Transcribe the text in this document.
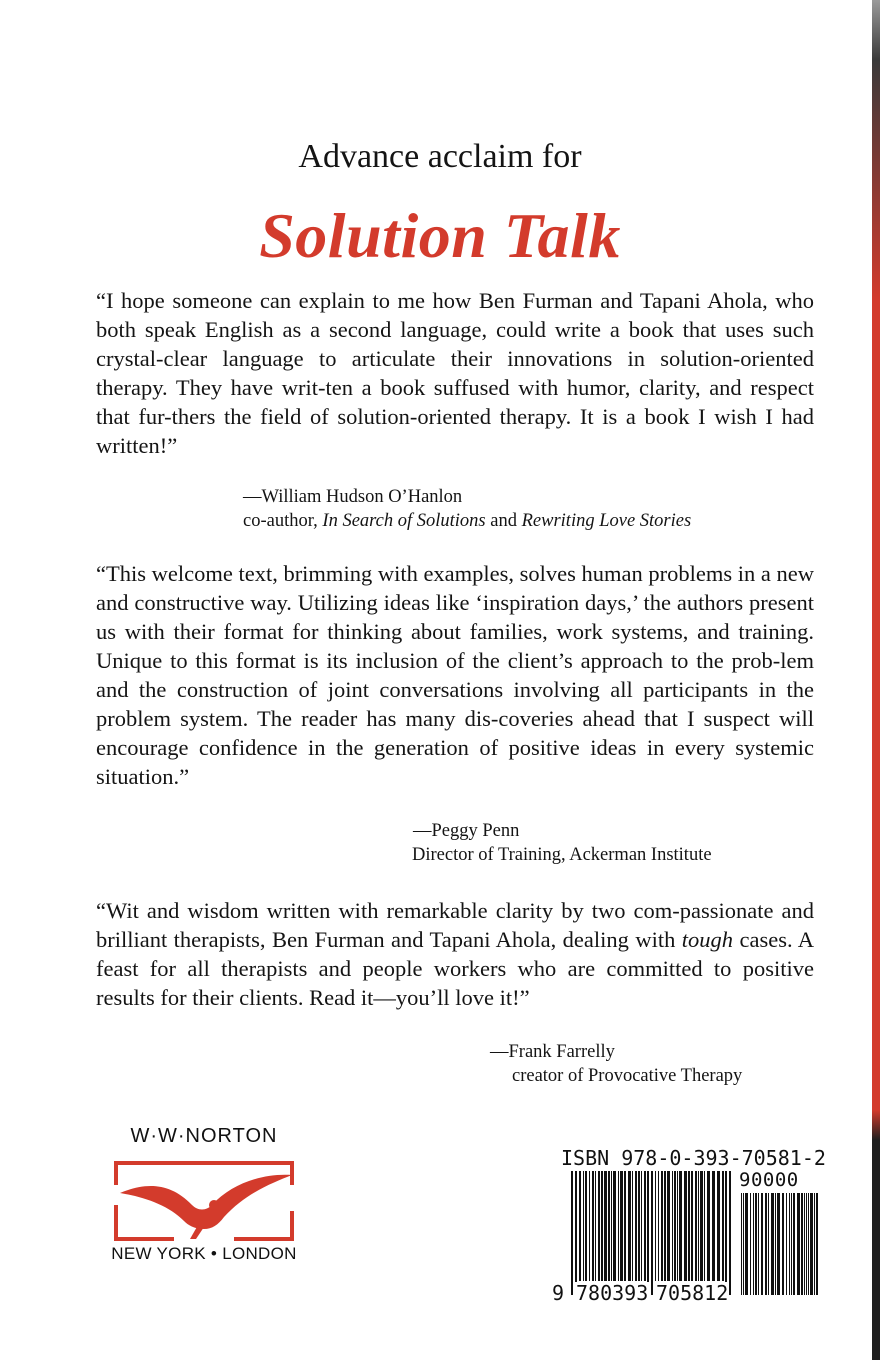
Advance acclaim for
Solution Talk

“I hope someone can explain to me how Ben Furman and Tapani Ahola, who both speak English as a second language, could write a book that uses such crystal-clear language to articulate their innovations in solution-oriented therapy. They have writ-ten a book suffused with humor, clarity, and respect that fur-thers the field of solution-oriented therapy. It is a book I wish I had written!”

—William Hudson O’Hanlon
co-author, In Search of Solutions and Rewriting Love Stories

“This welcome text, brimming with examples, solves human problems in a new and constructive way. Utilizing ideas like ‘inspiration days,’ the authors present us with their format for thinking about families, work systems, and training. Unique to this format is its inclusion of the client’s approach to the prob-lem and the construction of joint conversations involving all participants in the problem system. The reader has many dis-coveries ahead that I suspect will encourage confidence in the generation of positive ideas in every systemic situation.”

—Peggy Penn
Director of Training, Ackerman Institute

“Wit and wisdom written with remarkable clarity by two com-passionate and brilliant therapists, Ben Furman and Tapani Ahola, dealing with tough cases. A feast for all therapists and people workers who are committed to positive results for their clients. Read it—you’ll love it!”

—Frank Farrelly
creator of Provocative Therapy
W·W·NORTON
NEW YORK • LONDON
ISBN 978-0-393-70581-2
90000
9 780393 705812
